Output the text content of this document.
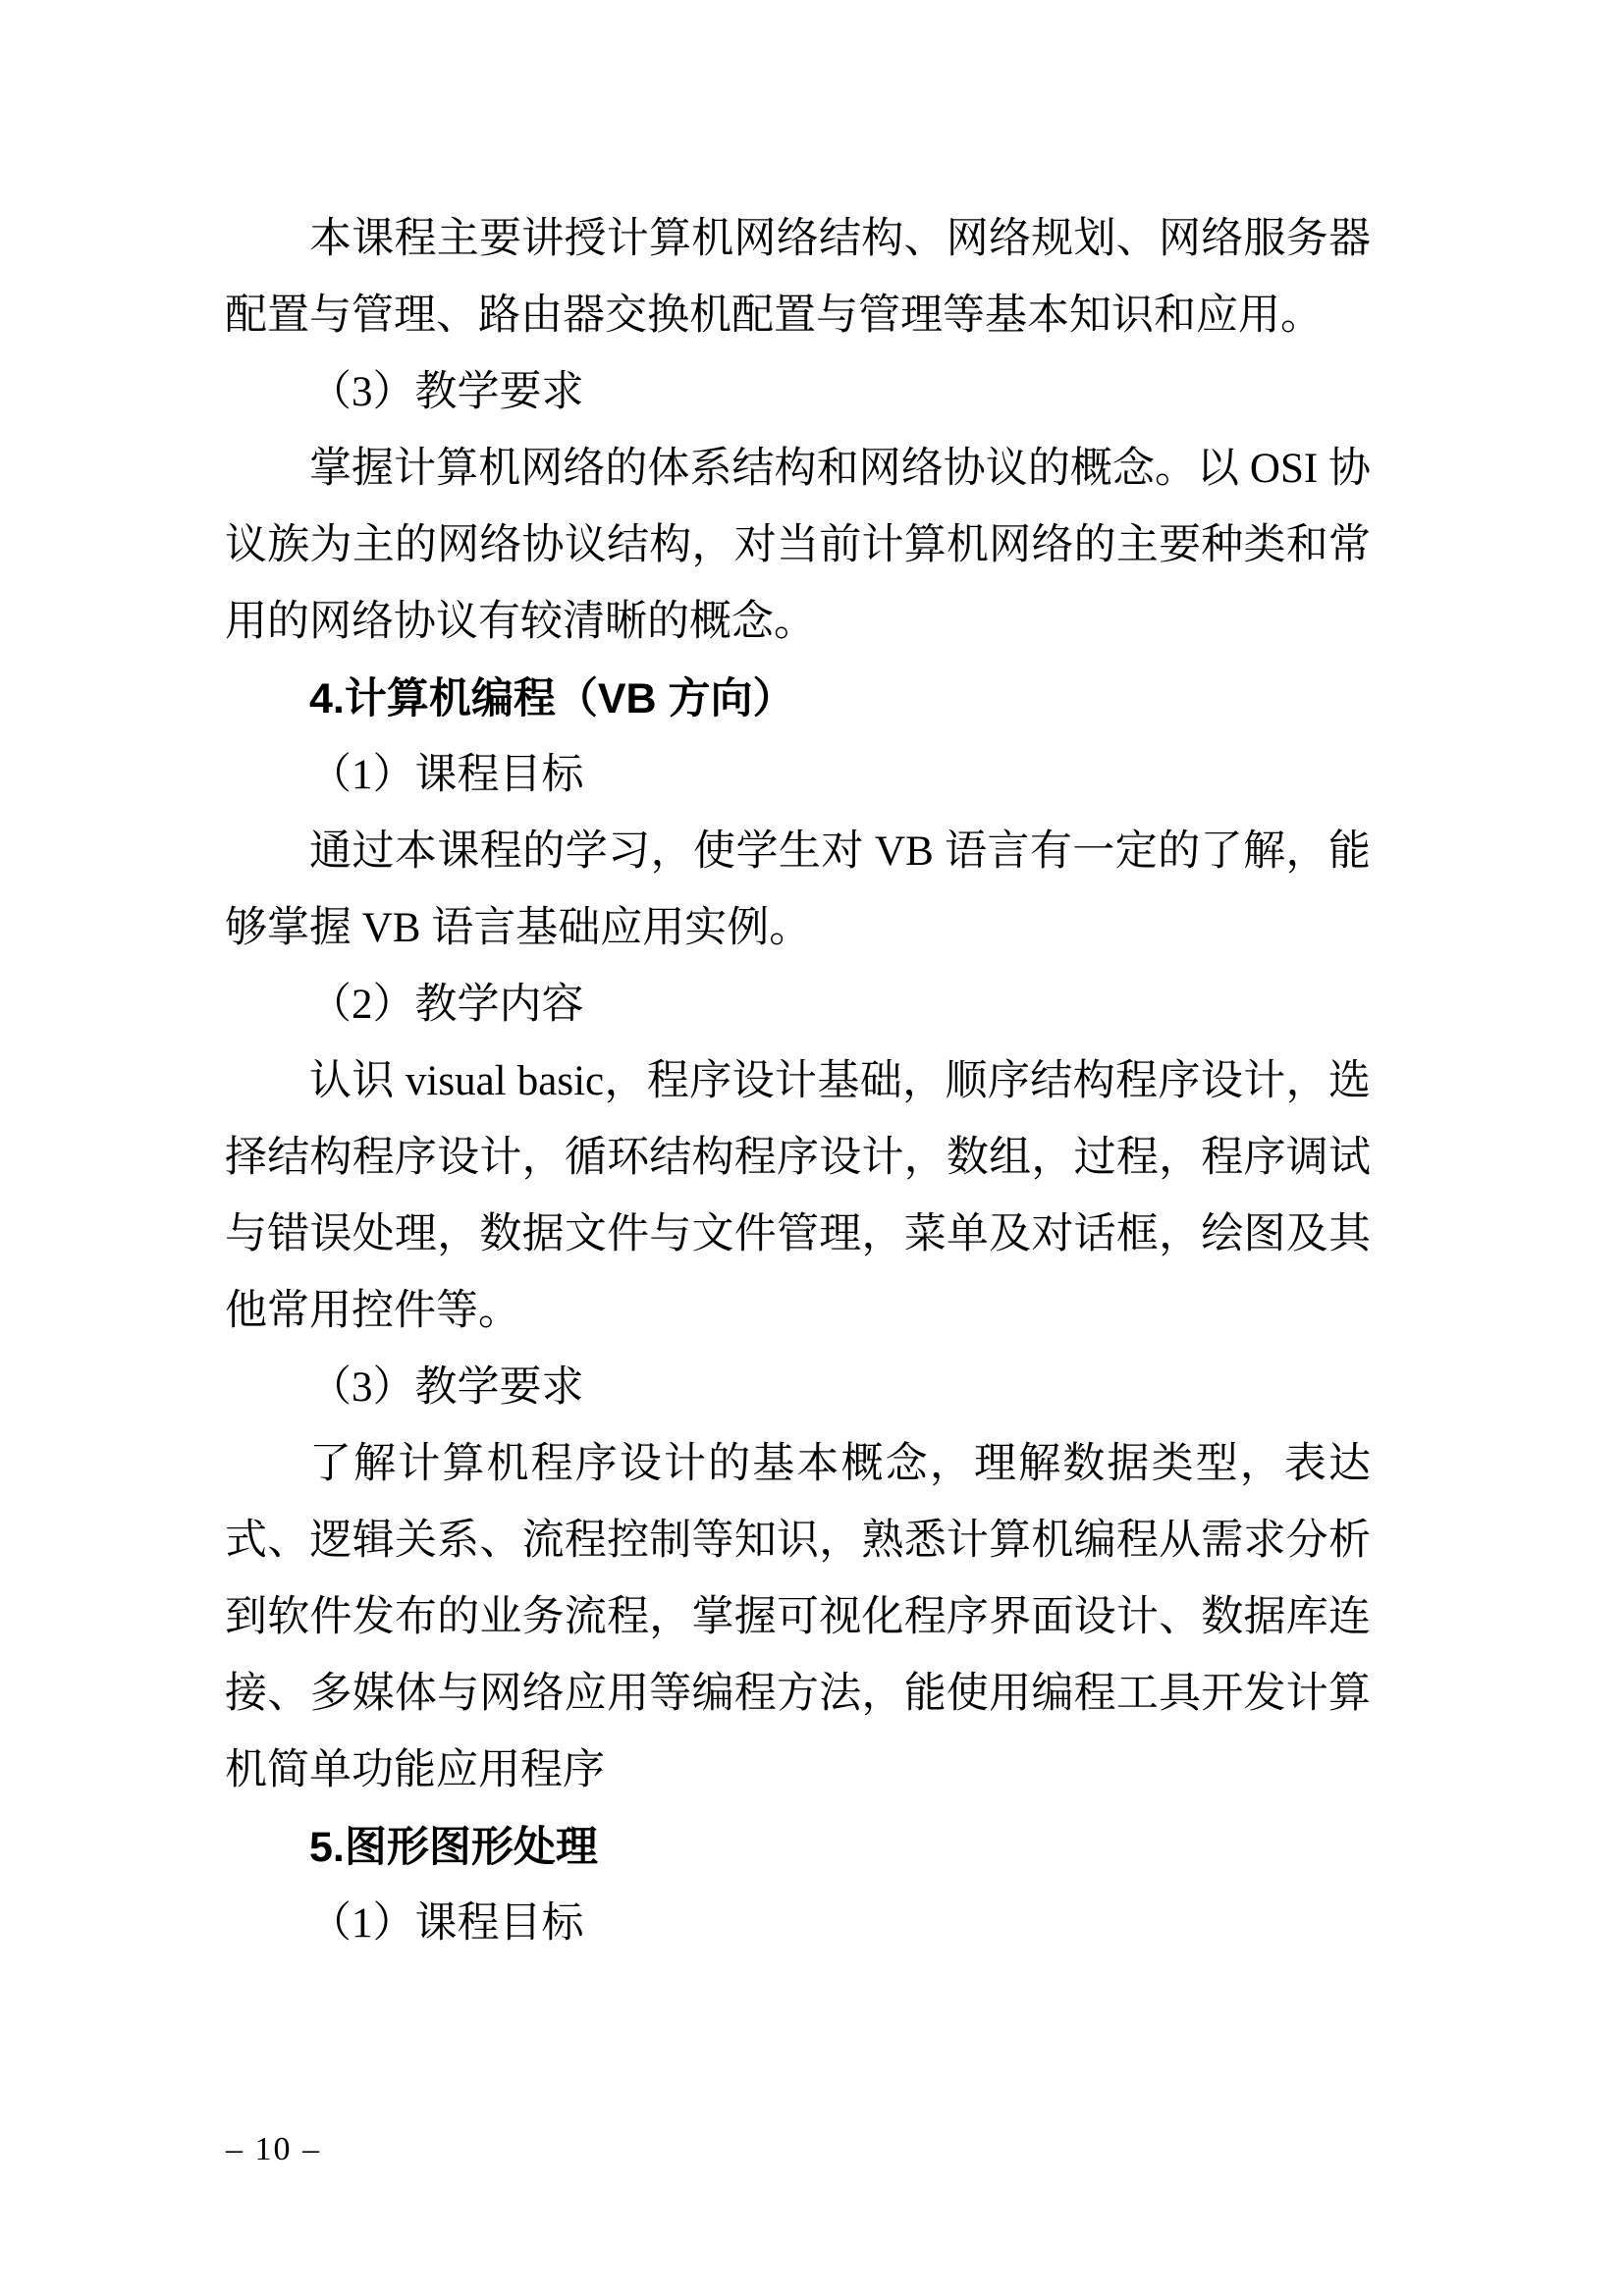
本课程主要讲授计算机网络结构、网络规划、网络服务器配置与管理、路由器交换机配置与管理等基本知识和应用。

（3）教学要求

掌握计算机网络的体系结构和网络协议的概念。以 OSI 协议族为主的网络协议结构，对当前计算机网络的主要种类和常用的网络协议有较清晰的概念。

4.计算机编程（VB 方向）

（1）课程目标

通过本课程的学习，使学生对 VB 语言有一定的了解，能够掌握 VB 语言基础应用实例。

（2）教学内容

认识 visual basic，程序设计基础，顺序结构程序设计，选择结构程序设计，循环结构程序设计，数组，过程，程序调试与错误处理，数据文件与文件管理，菜单及对话框，绘图及其他常用控件等。

（3）教学要求

了解计算机程序设计的基本概念，理解数据类型，表达式、逻辑关系、流程控制等知识，熟悉计算机编程从需求分析到软件发布的业务流程，掌握可视化程序界面设计、数据库连接、多媒体与网络应用等编程方法，能使用编程工具开发计算机简单功能应用程序

5.图形图形处理

（1）课程目标

– 10 –
